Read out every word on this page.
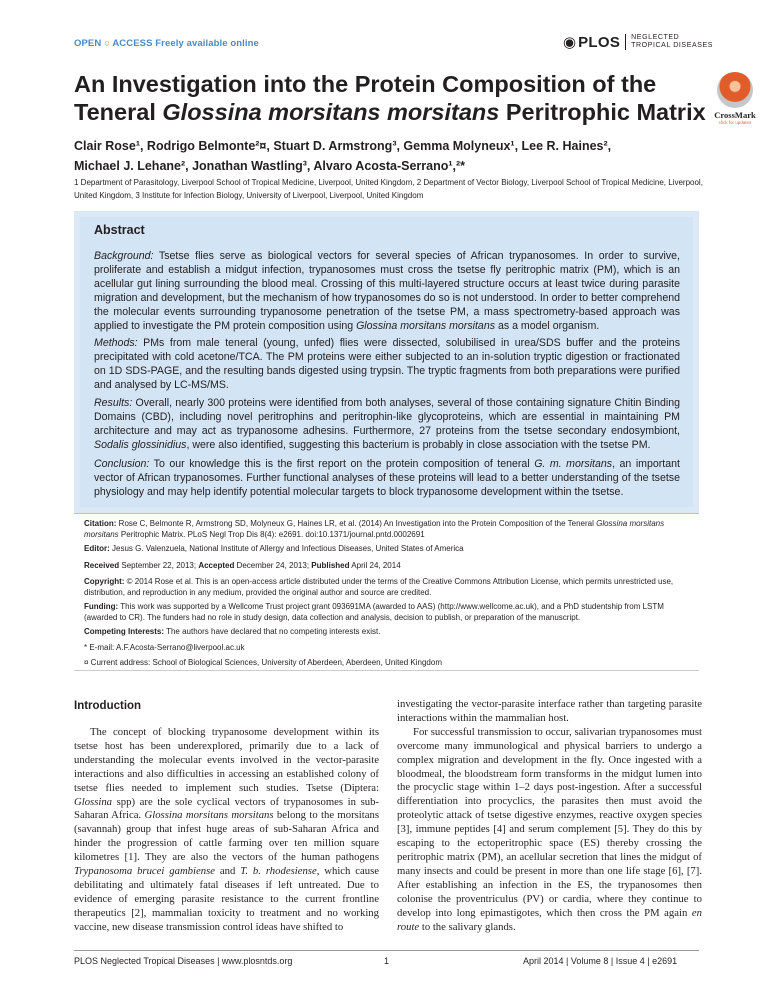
OPEN ○ ACCESS Freely available online	◉ PLOS NEGLECTED
TROPICAL DISEASES
An Investigation into the Protein Composition of the
Teneral Glossina morsitans morsitans Peritrophic Matrix	CrossMark
click for updates
Clair Rose¹, Rodrigo Belmonte²¤, Stuart D. Armstrong³, Gemma Molyneux¹, Lee R. Haines²,
Michael J. Lehane², Jonathan Wastling³, Alvaro Acosta-Serrano¹,²*
1 Department of Parasitology, Liverpool School of Tropical Medicine, Liverpool, United Kingdom, 2 Department of Vector Biology, Liverpool School of Tropical Medicine, Liverpool, United Kingdom, 3 Institute for Infection Biology, University of Liverpool, Liverpool, United Kingdom
Abstract
Background: Tsetse flies serve as biological vectors for several species of African trypanosomes. In order to survive, proliferate and establish a midgut infection, trypanosomes must cross the tsetse fly peritrophic matrix (PM), which is an acellular gut lining surrounding the blood meal. Crossing of this multi-layered structure occurs at least twice during parasite migration and development, but the mechanism of how trypanosomes do so is not understood. In order to better comprehend the molecular events surrounding trypanosome penetration of the tsetse PM, a mass spectrometry-based approach was applied to investigate the PM protein composition using Glossina morsitans morsitans as a model organism.
Methods: PMs from male teneral (young, unfed) flies were dissected, solubilised in urea/SDS buffer and the proteins precipitated with cold acetone/TCA. The PM proteins were either subjected to an in-solution tryptic digestion or fractionated on 1D SDS-PAGE, and the resulting bands digested using trypsin. The tryptic fragments from both preparations were purified and analysed by LC-MS/MS.
Results: Overall, nearly 300 proteins were identified from both analyses, several of those containing signature Chitin Binding Domains (CBD), including novel peritrophins and peritrophin-like glycoproteins, which are essential in maintaining PM architecture and may act as trypanosome adhesins. Furthermore, 27 proteins from the tsetse secondary endosymbiont, Sodalis glossinidius, were also identified, suggesting this bacterium is probably in close association with the tsetse PM.
Conclusion: To our knowledge this is the first report on the protein composition of teneral G. m. morsitans, an important vector of African trypanosomes. Further functional analyses of these proteins will lead to a better understanding of the tsetse physiology and may help identify potential molecular targets to block trypanosome development within the tsetse.
Citation: Rose C, Belmonte R, Armstrong SD, Molyneux G, Haines LR, et al. (2014) An Investigation into the Protein Composition of the Teneral Glossina morsitans morsitans Peritrophic Matrix. PLoS Negl Trop Dis 8(4): e2691. doi:10.1371/journal.pntd.0002691
Editor: Jesus G. Valenzuela, National Institute of Allergy and Infectious Diseases, United States of America
Received September 22, 2013; Accepted December 24, 2013; Published April 24, 2014
Copyright: © 2014 Rose et al. This is an open-access article distributed under the terms of the Creative Commons Attribution License, which permits unrestricted use, distribution, and reproduction in any medium, provided the original author and source are credited.
Funding: This work was supported by a Wellcome Trust project grant 093691MA (awarded to AAS) (http://www.wellcome.ac.uk), and a PhD studentship from LSTM (awarded to CR). The funders had no role in study design, data collection and analysis, decision to publish, or preparation of the manuscript.
Competing Interests: The authors have declared that no competing interests exist.
* E-mail: A.F.Acosta-Serrano@liverpool.ac.uk
¤ Current address: School of Biological Sciences, University of Aberdeen, Aberdeen, United Kingdom
Introduction
The concept of blocking trypanosome development within its tsetse host has been underexplored, primarily due to a lack of understanding the molecular events involved in the vector-parasite interactions and also difficulties in accessing an established colony of tsetse flies needed to implement such studies. Tsetse (Diptera: Glossina spp) are the sole cyclical vectors of trypanosomes in sub-Saharan Africa. Glossina morsitans morsitans belong to the morsitans (savannah) group that infest huge areas of sub-Saharan Africa and hinder the progression of cattle farming over ten million square kilometres [1]. They are also the vectors of the human pathogens Trypanosoma brucei gambiense and T. b. rhodesiense, which cause debilitating and ultimately fatal diseases if left untreated. Due to evidence of emerging parasite resistance to the current frontline therapeutics [2], mammalian toxicity to treatment and no working vaccine, new disease transmission control ideas have shifted to
investigating the vector-parasite interface rather than targeting parasite interactions within the mammalian host.
For successful transmission to occur, salivarian trypanosomes must overcome many immunological and physical barriers to undergo a complex migration and development in the fly. Once ingested with a bloodmeal, the bloodstream form transforms in the midgut lumen into the procyclic stage within 1–2 days post-ingestion. After a successful differentiation into procyclics, the parasites then must avoid the proteolytic attack of tsetse digestive enzymes, reactive oxygen species [3], immune peptides [4] and serum complement [5]. They do this by escaping to the ectoperitrophic space (ES) thereby crossing the peritrophic matrix (PM), an acellular secretion that lines the midgut of many insects and could be present in more than one life stage [6], [7]. After establishing an infection in the ES, the trypanosomes then colonise the proventriculus (PV) or cardia, where they continue to develop into long epimastigotes, which then cross the PM again en route to the salivary glands.
PLOS Neglected Tropical Diseases | www.plosntds.org	1	April 2014 | Volume 8 | Issue 4 | e2691
